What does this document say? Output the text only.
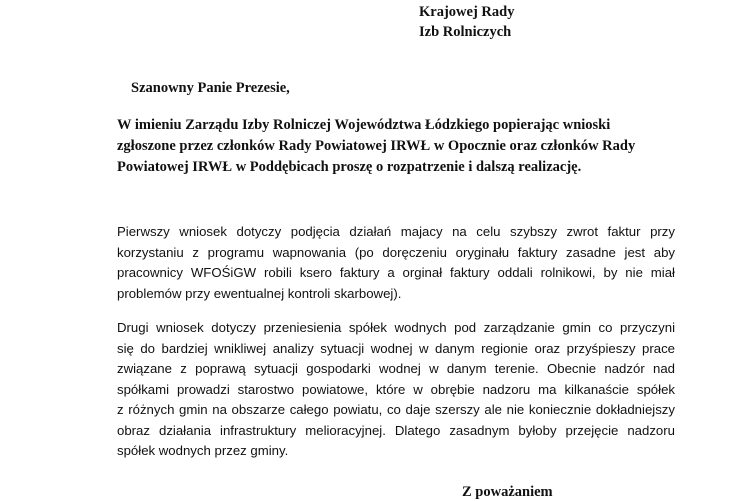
Krajowej Rady
Izb Rolniczych
Szanowny Panie Prezesie,
W imieniu Zarządu Izby Rolniczej Województwa Łódzkiego popierając wnioski
zgłoszone przez członków Rady Powiatowej IRWŁ w Opocznie oraz członków Rady
Powiatowej IRWŁ w Poddębicach proszę o rozpatrzenie i dalszą realizację.
Pierwszy wniosek dotyczy podjęcia działań majacy na celu szybszy zwrot faktur przy
korzystaniu z programu wapnowania (po doręczeniu oryginału faktury zasadne jest aby
pracownicy WFOŚiGW robili ksero faktury a orginał faktury oddali rolnikowi, by nie miał
problemów przy ewentualnej kontroli skarbowej).
Drugi wniosek dotyczy przeniesienia spółek wodnych pod zarządzanie gmin co przyczyni
się do bardziej wnikliwej analizy sytuacji wodnej w danym regionie oraz przyśpieszy prace
związane z poprawą sytuacji gospodarki wodnej w danym terenie. Obecnie nadzór nad
spółkami prowadzi starostwo powiatowe, które w obrębie nadzoru ma kilkanaście spółek
z różnych gmin na obszarze całego powiatu, co daje szerszy ale nie koniecznie dokładniejszy
obraz działania infrastruktury melioracyjnej. Dlatego zasadnym byłoby przejęcie nadzoru
spółek wodnych przez gminy.
Z poważaniem
